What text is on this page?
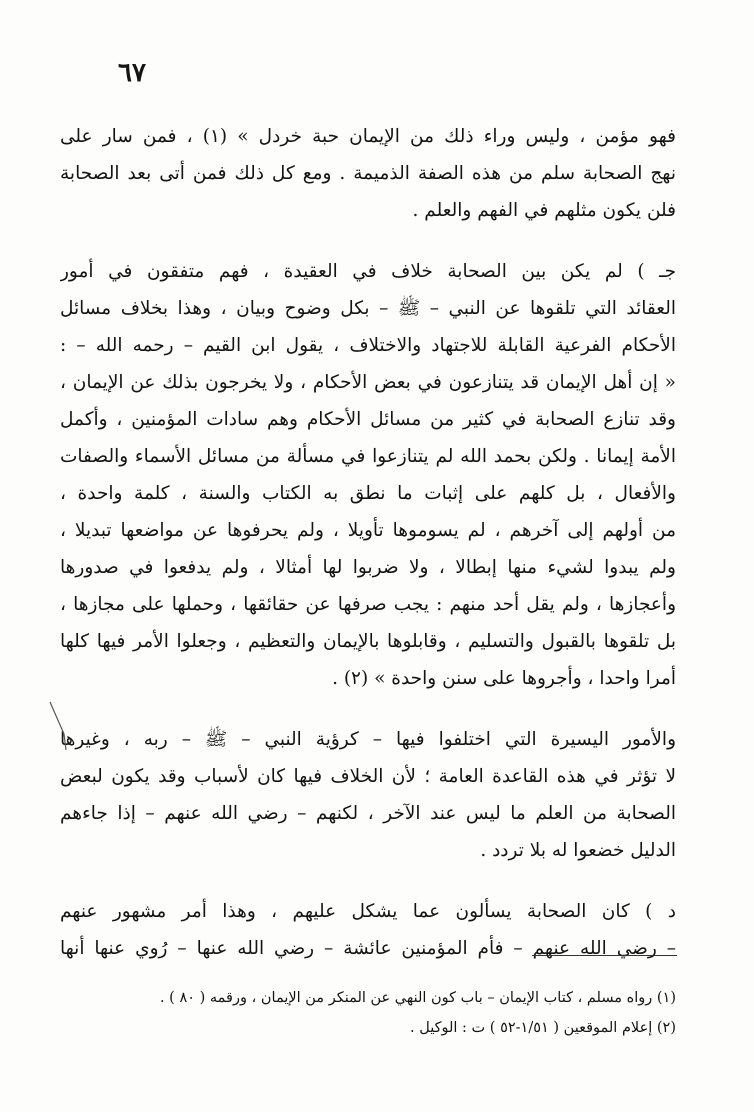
٦٧
فهو مؤمن ، وليس وراء ذلك من الإيمان حبة خردل » (١) ، فمن سار على
نهج الصحابة سلم من هذه الصفة الذميمة . ومع كل ذلك فمن أتى بعد الصحابة
فلن يكون مثلهم في الفهم والعلم .
جـ ) لم يكن بين الصحابة خلاف في العقيدة ، فهم متفقون في أمور
العقائد التي تلقوها عن النبي – ﷺ – بكل وضوح وبيان ، وهذا بخلاف مسائل
الأحكام الفرعية القابلة للاجتهاد والاختلاف ، يقول ابن القيم – رحمه الله – :
« إن أهل الإيمان قد يتنازعون في بعض الأحكام ، ولا يخرجون بذلك عن الإيمان ،
وقد تنازع الصحابة في كثير من مسائل الأحكام وهم سادات المؤمنين ، وأكمل
الأمة إيمانا . ولكن بحمد الله لم يتنازعوا في مسألة من مسائل الأسماء والصفات
والأفعال ، بل كلهم على إثبات ما نطق به الكتاب والسنة ، كلمة واحدة ،
من أولهم إلى آخرهم ، لم يسوموها تأويلا ، ولم يحرفوها عن مواضعها تبديلا ،
ولم يبدوا لشيء منها إبطالا ، ولا ضربوا لها أمثالا ، ولم يدفعوا في صدورها
وأعجازها ، ولم يقل أحد منهم : يجب صرفها عن حقائقها ، وحملها على مجازها ،
بل تلقوها بالقبول والتسليم ، وقابلوها بالإيمان والتعظيم ، وجعلوا الأمر فيها كلها
أمرا واحدا ، وأجروها على سنن واحدة » (٢) .
والأمور اليسيرة التي اختلفوا فيها – كرؤية النبي – ﷺ – ربه ، وغيرها
لا تؤثر في هذه القاعدة العامة ؛ لأن الخلاف فيها كان لأسباب وقد يكون لبعض
الصحابة من العلم ما ليس عند الآخر ، لكنهم – رضي الله عنهم – إذا جاءهم
الدليل خضعوا له بلا تردد .
د ) كان الصحابة يسألون عما يشكل عليهم ، وهذا أمر مشهور عنهم
– رضي الله عنهم – فأم المؤمنين عائشة – رضي الله عنها – رُوي عنها أنها
(١) رواه مسلم ، كتاب الإيمان – باب كون النهي عن المنكر من الإيمان ، ورقمه ( ٨٠ ) .
(٢) إعلام الموقعين ( ١/٥١-٥٢ ) ت : الوكيل .
